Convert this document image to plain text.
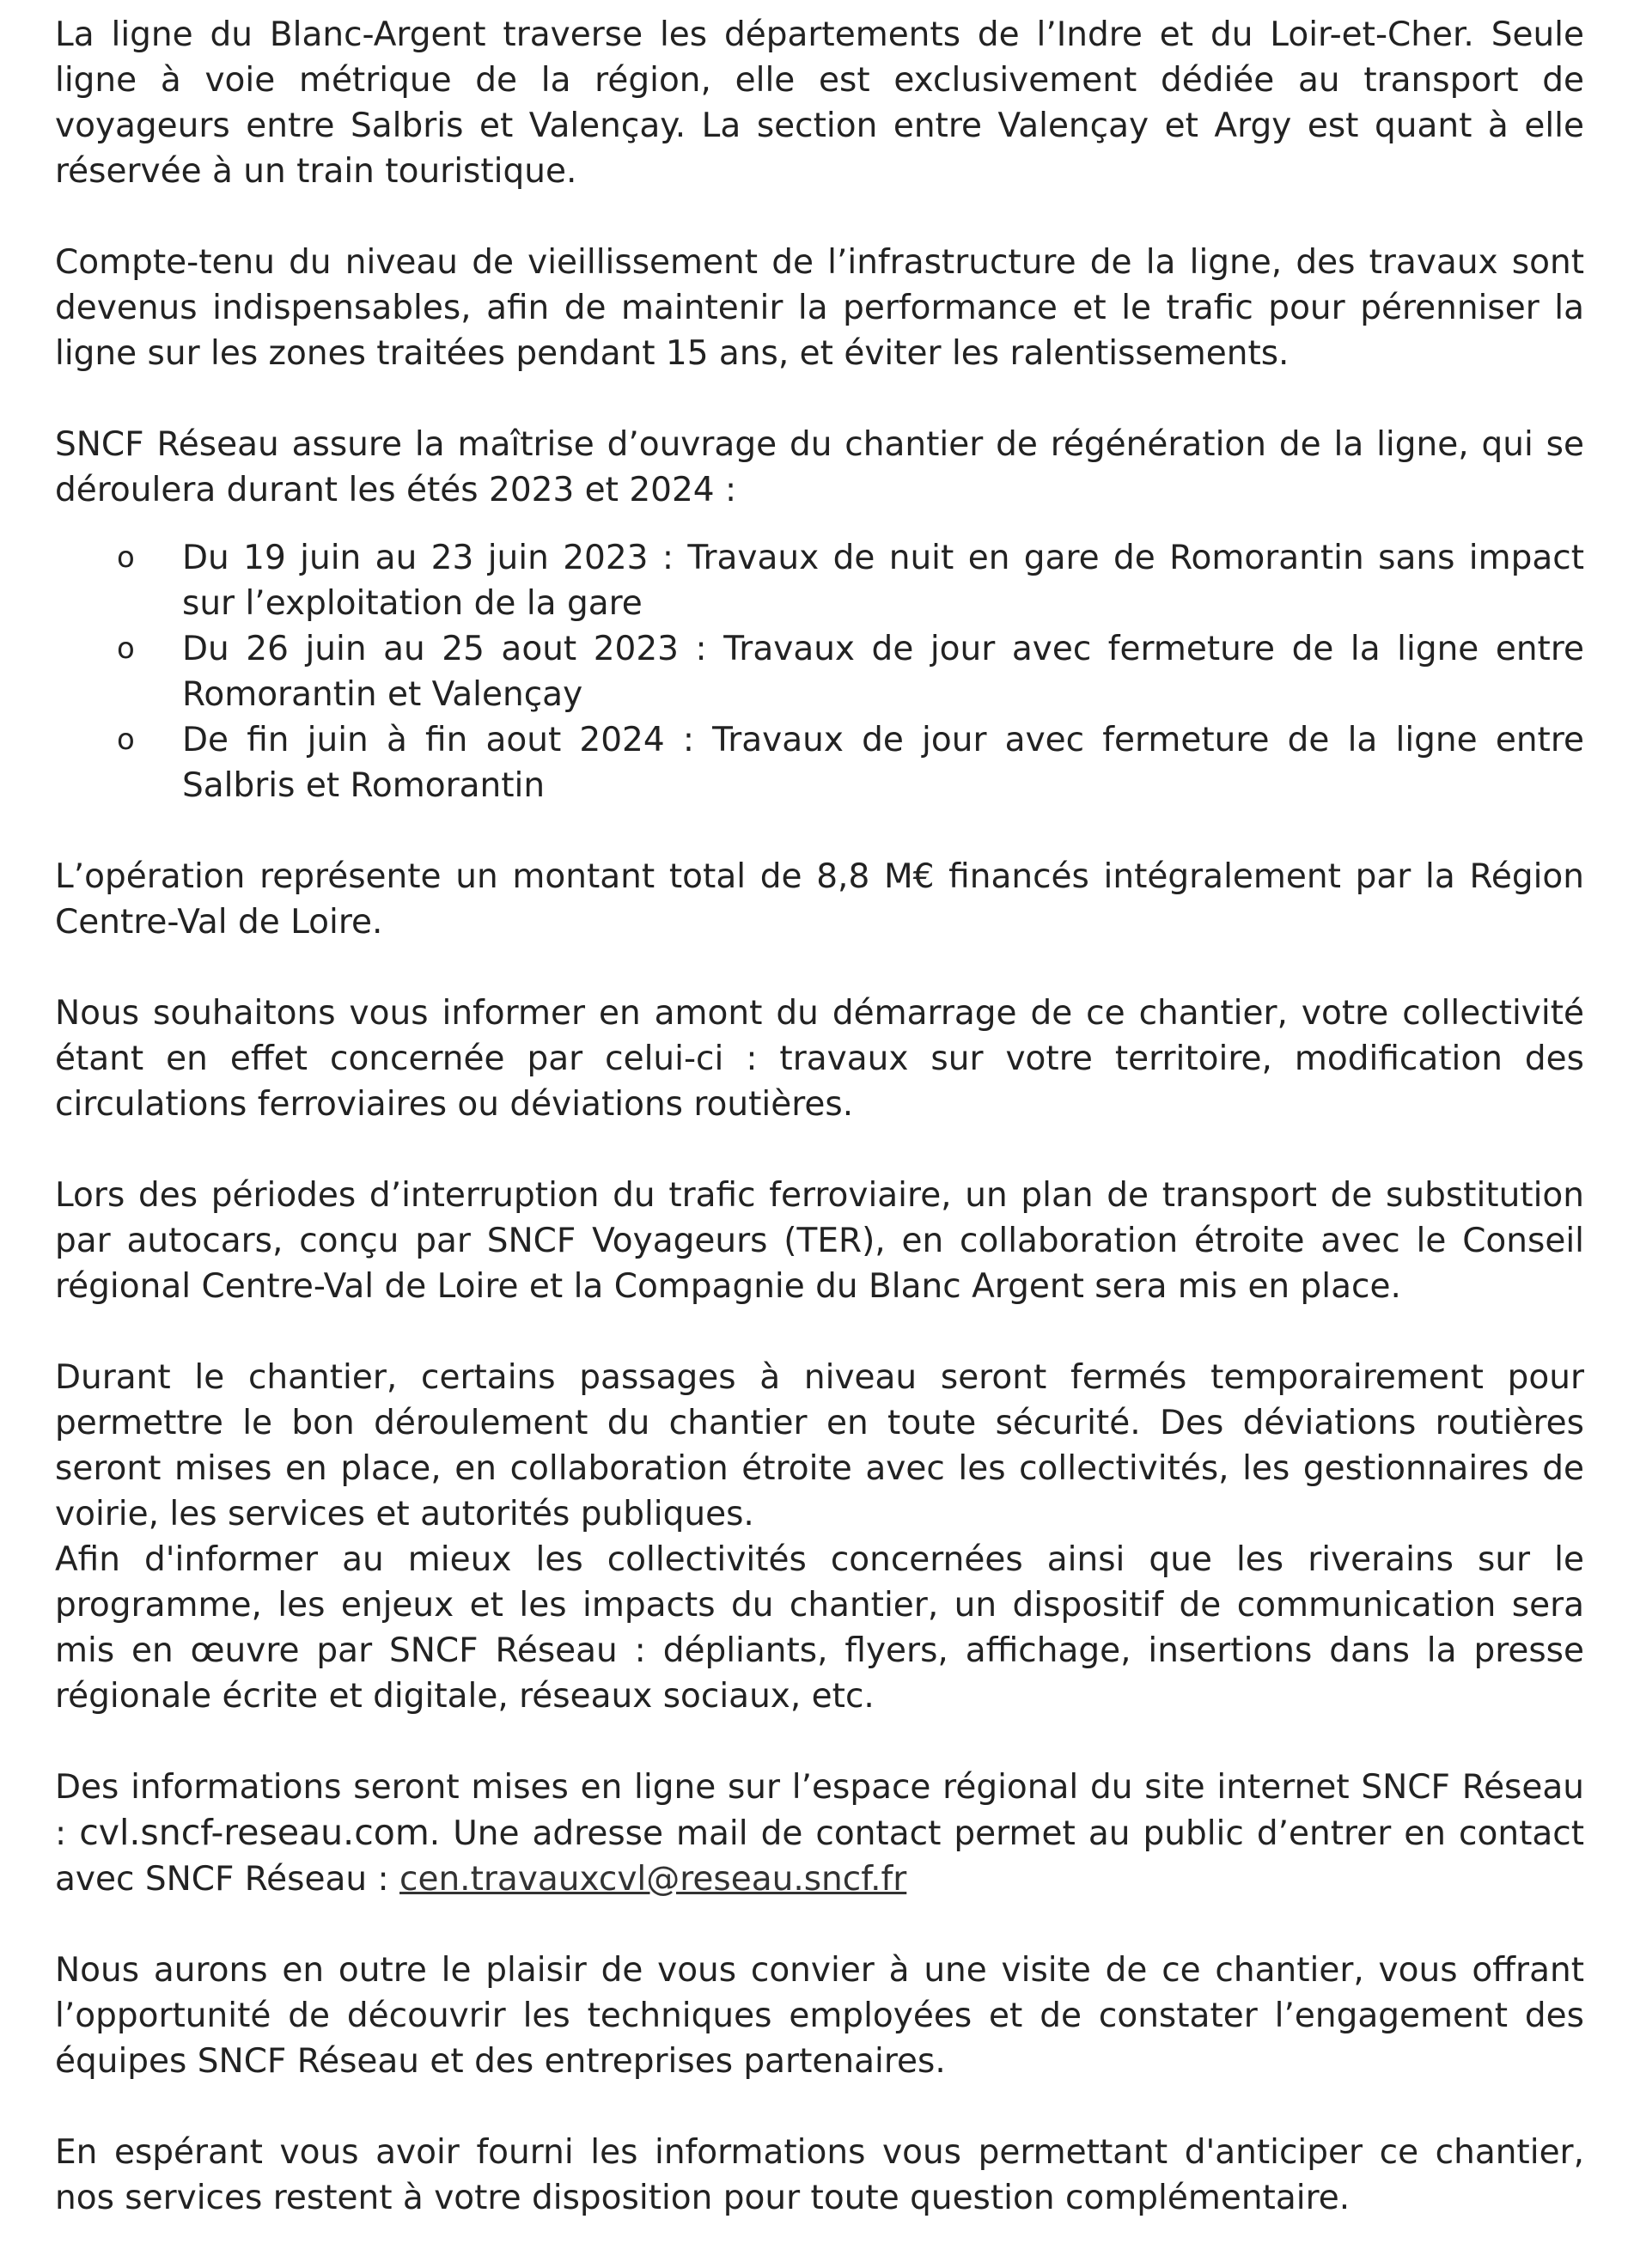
La ligne du Blanc-Argent traverse les départements de l’Indre et du Loir-et-Cher. Seule ligne à voie métrique de la région, elle est exclusivement dédiée au transport de voyageurs entre Salbris et Valençay. La section entre Valençay et Argy est quant à elle réservée à un train touristique.

Compte-tenu du niveau de vieillissement de l’infrastructure de la ligne, des travaux sont devenus indispensables, afin de maintenir la performance et le trafic pour pérenniser la ligne sur les zones traitées pendant 15 ans, et éviter les ralentissements.

SNCF Réseau assure la maîtrise d’ouvrage du chantier de régénération de la ligne, qui se déroulera durant les étés 2023 et 2024 :

o Du 19 juin au 23 juin 2023 : Travaux de nuit en gare de Romorantin sans impact sur l’exploitation de la gare
o Du 26 juin au 25 aout 2023 : Travaux de jour avec fermeture de la ligne entre Romorantin et Valençay
o De fin juin à fin aout 2024 : Travaux de jour avec fermeture de la ligne entre Salbris et Romorantin

L’opération représente un montant total de 8,8 M€ financés intégralement par la Région Centre-Val de Loire.

Nous souhaitons vous informer en amont du démarrage de ce chantier, votre collectivité étant en effet concernée par celui-ci : travaux sur votre territoire, modification des circulations ferroviaires ou déviations routières.

Lors des périodes d’interruption du trafic ferroviaire, un plan de transport de substitution par autocars, conçu par SNCF Voyageurs (TER), en collaboration étroite avec le Conseil régional Centre-Val de Loire et la Compagnie du Blanc Argent sera mis en place.

Durant le chantier, certains passages à niveau seront fermés temporairement pour permettre le bon déroulement du chantier en toute sécurité. Des déviations routières seront mises en place, en collaboration étroite avec les collectivités, les gestionnaires de voirie, les services et autorités publiques.

Afin d'informer au mieux les collectivités concernées ainsi que les riverains sur le programme, les enjeux et les impacts du chantier, un dispositif de communication sera mis en œuvre par SNCF Réseau : dépliants, flyers, affichage, insertions dans la presse régionale écrite et digitale, réseaux sociaux, etc.

Des informations seront mises en ligne sur l’espace régional du site internet SNCF Réseau : cvl.sncf-reseau.com. Une adresse mail de contact permet au public d’entrer en contact avec SNCF Réseau : cen.travauxcvl@reseau.sncf.fr

Nous aurons en outre le plaisir de vous convier à une visite de ce chantier, vous offrant l’opportunité de découvrir les techniques employées et de constater l’engagement des équipes SNCF Réseau et des entreprises partenaires.

En espérant vous avoir fourni les informations vous permettant d'anticiper ce chantier, nos services restent à votre disposition pour toute question complémentaire.
